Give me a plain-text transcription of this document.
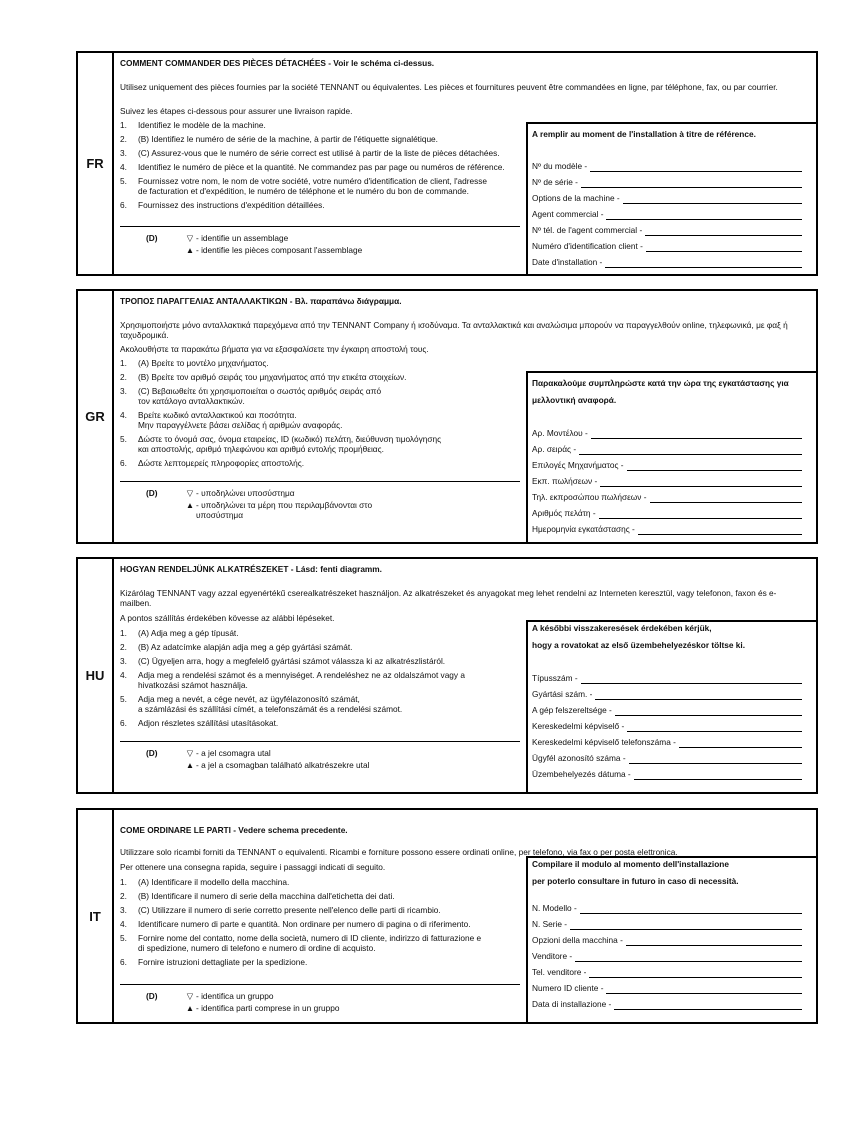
FR
COMMENT COMMANDER DES PIÈCES DÉTACHÉES - Voir le schéma ci-dessus.
Utilisez uniquement des pièces fournies par la société TENNANT ou équivalentes. Les pièces et fournitures peuvent être commandées en ligne, par téléphone, fax, ou par courrier.
Suivez les étapes ci-dessous pour assurer une livraison rapide.
1.	Identifiez le modèle de la machine.
2.	(B) Identifiez le numéro de série de la machine, à partir de l'étiquette signalétique.
3.	(C) Assurez-vous que le numéro de série correct est utilisé à partir de la liste de pièces détachées.
4.	Identifiez le numéro de pièce et la quantité. Ne commandez pas par page ou numéros de référence.
5.	Fournissez votre nom, le nom de votre société, votre numéro d'identification de client, l'adresse
de facturation et d'expédition, le numéro de téléphone et le numéro du bon de commande.
6.	Fournissez des instructions d'expédition détaillées.
(D)	▽ - identifie un assemblage
▲ - identifie les pièces composant l'assemblage
A remplir au moment de l'installation à titre de référence.
Nº du modèle -
Nº de série -
Options de la machine -
Agent commercial -
Nº tél. de l'agent commercial -
Numéro d'identification client -
Date d'installation -
GR
ΤΡΟΠΟΣ ΠΑΡΑΓΓΕΛΙΑΣ ΑΝΤΑΛΛΑΚΤΙΚΩΝ - Βλ. παραπάνω διάγραμμα.
Χρησιμοποιήστε μόνο ανταλλακτικά παρεχόμενα από την TENNANT Company ή ισοδύναμα. Τα ανταλλακτικά και αναλώσιμα μπορούν να παραγγελθούν online, τηλεφωνικά, με φαξ ή ταχυδρομικά.
Ακολουθήστε τα παρακάτω βήματα για να εξασφαλίσετε την έγκαιρη αποστολή τους.
1.	(A) Βρείτε το μοντέλο μηχανήματος.
2.	(B) Βρείτε τον αριθμό σειράς του μηχανήματος από την ετικέτα στοιχείων.
3.	(C) Βεβαιωθείτε ότι χρησιμοποιείται ο σωστός αριθμός σειράς από
τον κατάλογο ανταλλακτικών.
4.	Βρείτε κωδικό ανταλλακτικού και ποσότητα.
Μην παραγγέλνετε βάσει σελίδας ή αριθμών αναφοράς.
5.	Δώστε το όνομά σας, όνομα εταιρείας, ID (κωδικό) πελάτη, διεύθυνση τιμολόγησης
και αποστολής, αριθμό τηλεφώνου και αριθμό εντολής προμήθειας.
6.	Δώστε λεπτομερείς πληροφορίες αποστολής.
(D)	▽ - υποδηλώνει υποσύστημα
▲ - υποδηλώνει τα μέρη που περιλαμβάνονται στο
υποσύστημα
Παρακαλούμε συμπληρώστε κατά την ώρα της εγκατάστασης για
μελλοντική αναφορά.
Αρ. Μοντέλου -
Αρ. σειράς -
Επιλογές Μηχανήματος -
Εκπ. πωλήσεων -
Τηλ. εκπροσώπου πωλήσεων -
Αριθμός πελάτη -
Ημερομηνία εγκατάστασης -
HU
HOGYAN RENDELJÜNK ALKATRÉSZEKET - Lásd: fenti diagramm.
Kizárólag TENNANT vagy azzal egyenértékű cserealkatrészeket használjon. Az alkatrészeket és anyagokat meg lehet rendelni az Interneten keresztül, vagy telefonon, faxon és e-mailben.
A pontos szállítás érdekében kövesse az alábbi lépéseket.
1.	(A) Adja meg a gép típusát.
2.	(B) Az adatcímke alapján adja meg a gép gyártási számát.
3.	(C) Ügyeljen arra, hogy a megfelelő gyártási számot válassza ki az alkatrészlistáról.
4.	Adja meg a rendelési számot és a mennyiséget. A rendeléshez ne az oldalszámot vagy a
hivatkozási számot használja.
5.	Adja meg a nevét, a cége nevét, az ügyfélazonosító számát,
a számlázási és szállítási címét, a telefonszámát és a rendelési számot.
6.	Adjon részletes szállítási utasításokat.
(D)	▽ - a jel csomagra utal
▲ - a jel a csomagban található alkatrészekre utal
A későbbi visszakeresések érdekében kérjük,
hogy a rovatokat az első üzembehelyezéskor töltse ki.
Típusszám -
Gyártási szám. -
A gép felszereltsége -
Kereskedelmi képviselő -
Kereskedelmi képviselő telefonszáma -
Ügyfél azonosító száma -
Üzembehelyezés dátuma -
IT
COME ORDINARE LE PARTI - Vedere schema precedente.
Utilizzare solo ricambi forniti da TENNANT o equivalenti. Ricambi e forniture possono essere ordinati online, per telefono, via fax o per posta elettronica.
Per ottenere una consegna rapida, seguire i passaggi indicati di seguito.
1.	(A) Identificare il modello della macchina.
2.	(B) Identificare il numero di serie della macchina dall'etichetta dei dati.
3.	(C) Utilizzare il numero di serie corretto presente nell'elenco delle parti di ricambio.
4.	Identificare numero di parte e quantità. Non ordinare per numero di pagina o di riferimento.
5.	Fornire nome del contatto, nome della società, numero di ID cliente, indirizzo di fatturazione e
di spedizione, numero di telefono e numero di ordine di acquisto.
6.	Fornire istruzioni dettagliate per la spedizione.
(D)	▽ - identifica un gruppo
▲ - identifica parti comprese in un gruppo
Compilare il modulo al momento dell'installazione
per poterlo consultare in futuro in caso di necessità.
N. Modello -
N. Serie -
Opzioni della macchina -
Venditore -
Tel. venditore -
Numero ID cliente -
Data di installazione -
